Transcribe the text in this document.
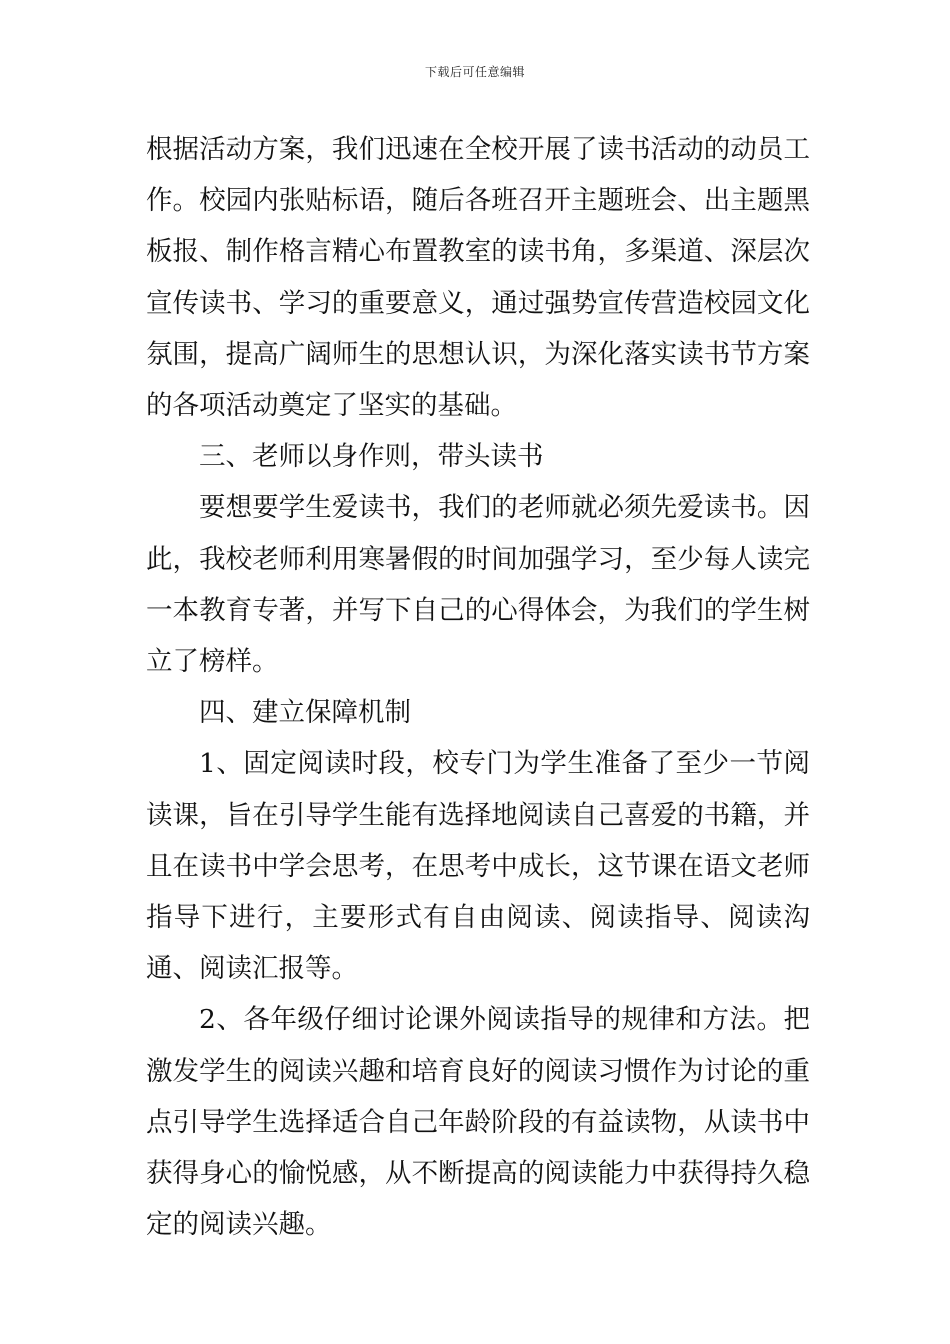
下载后可任意编辑

根据活动方案，我们迅速在全校开展了读书活动的动员工作。校园内张贴标语，随后各班召开主题班会、出主题黑板报、制作格言精心布置教室的读书角，多渠道、深层次宣传读书、学习的重要意义，通过强势宣传营造校园文化氛围，提高广阔师生的思想认识，为深化落实读书节方案的各项活动奠定了坚实的基础。

三、老师以身作则，带头读书

要想要学生爱读书，我们的老师就必须先爱读书。因此，我校老师利用寒暑假的时间加强学习，至少每人读完一本教育专著，并写下自己的心得体会，为我们的学生树立了榜样。

四、建立保障机制

1、固定阅读时段，校专门为学生准备了至少一节阅读课，旨在引导学生能有选择地阅读自己喜爱的书籍，并且在读书中学会思考，在思考中成长，这节课在语文老师指导下进行，主要形式有自由阅读、阅读指导、阅读沟通、阅读汇报等。

2、各年级仔细讨论课外阅读指导的规律和方法。把激发学生的阅读兴趣和培育良好的阅读习惯作为讨论的重点引导学生选择适合自己年龄阶段的有益读物，从读书中获得身心的愉悦感，从不断提高的阅读能力中获得持久稳定的阅读兴趣。
